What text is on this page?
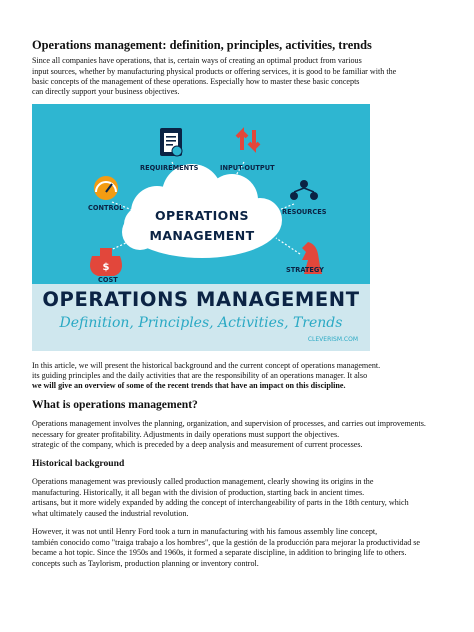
Operations management: definition, principles, activities, trends
Since all companies have operations, that is, certain ways of creating an optimal product from various
input sources, whether by manufacturing physical products or offering services, it is good to be familiar with the
basic concepts of the management of these operations. Especially how to master these basic concepts
can directly support your business objectives.
$
OPERATIONS
MANAGEMENT
REQUIREMENTS	INPUT-OUTPUT
CONTROL	RESOURCES
COST
STRATEGY
OPERATIONS MANAGEMENT
Definition, Principles, Activities, Trends
CLEVERISM.COM
In this article, we will present the historical background and the current concept of operations management.
its guiding principles and the daily activities that are the responsibility of an operations manager. It also
we will give an overview of some of the recent trends that have an impact on this discipline.
What is operations management?
Operations management involves the planning, organization, and supervision of processes, and carries out improvements.
necessary for greater profitability. Adjustments in daily operations must support the objectives.
strategic of the company, which is preceded by a deep analysis and measurement of current processes.
Historical background
Operations management was previously called production management, clearly showing its origins in the
manufacturing. Historically, it all began with the division of production, starting back in ancient times.
artisans, but it more widely expanded by adding the concept of interchangeability of parts in the 18th century, which
what ultimately caused the industrial revolution.
However, it was not until Henry Ford took a turn in manufacturing with his famous assembly line concept,
también conocido como "traiga trabajo a los hombres", que la gestión de la producción para mejorar la productividad se
became a hot topic. Since the 1950s and 1960s, it formed a separate discipline, in addition to bringing life to others.
concepts such as Taylorism, production planning or inventory control.
